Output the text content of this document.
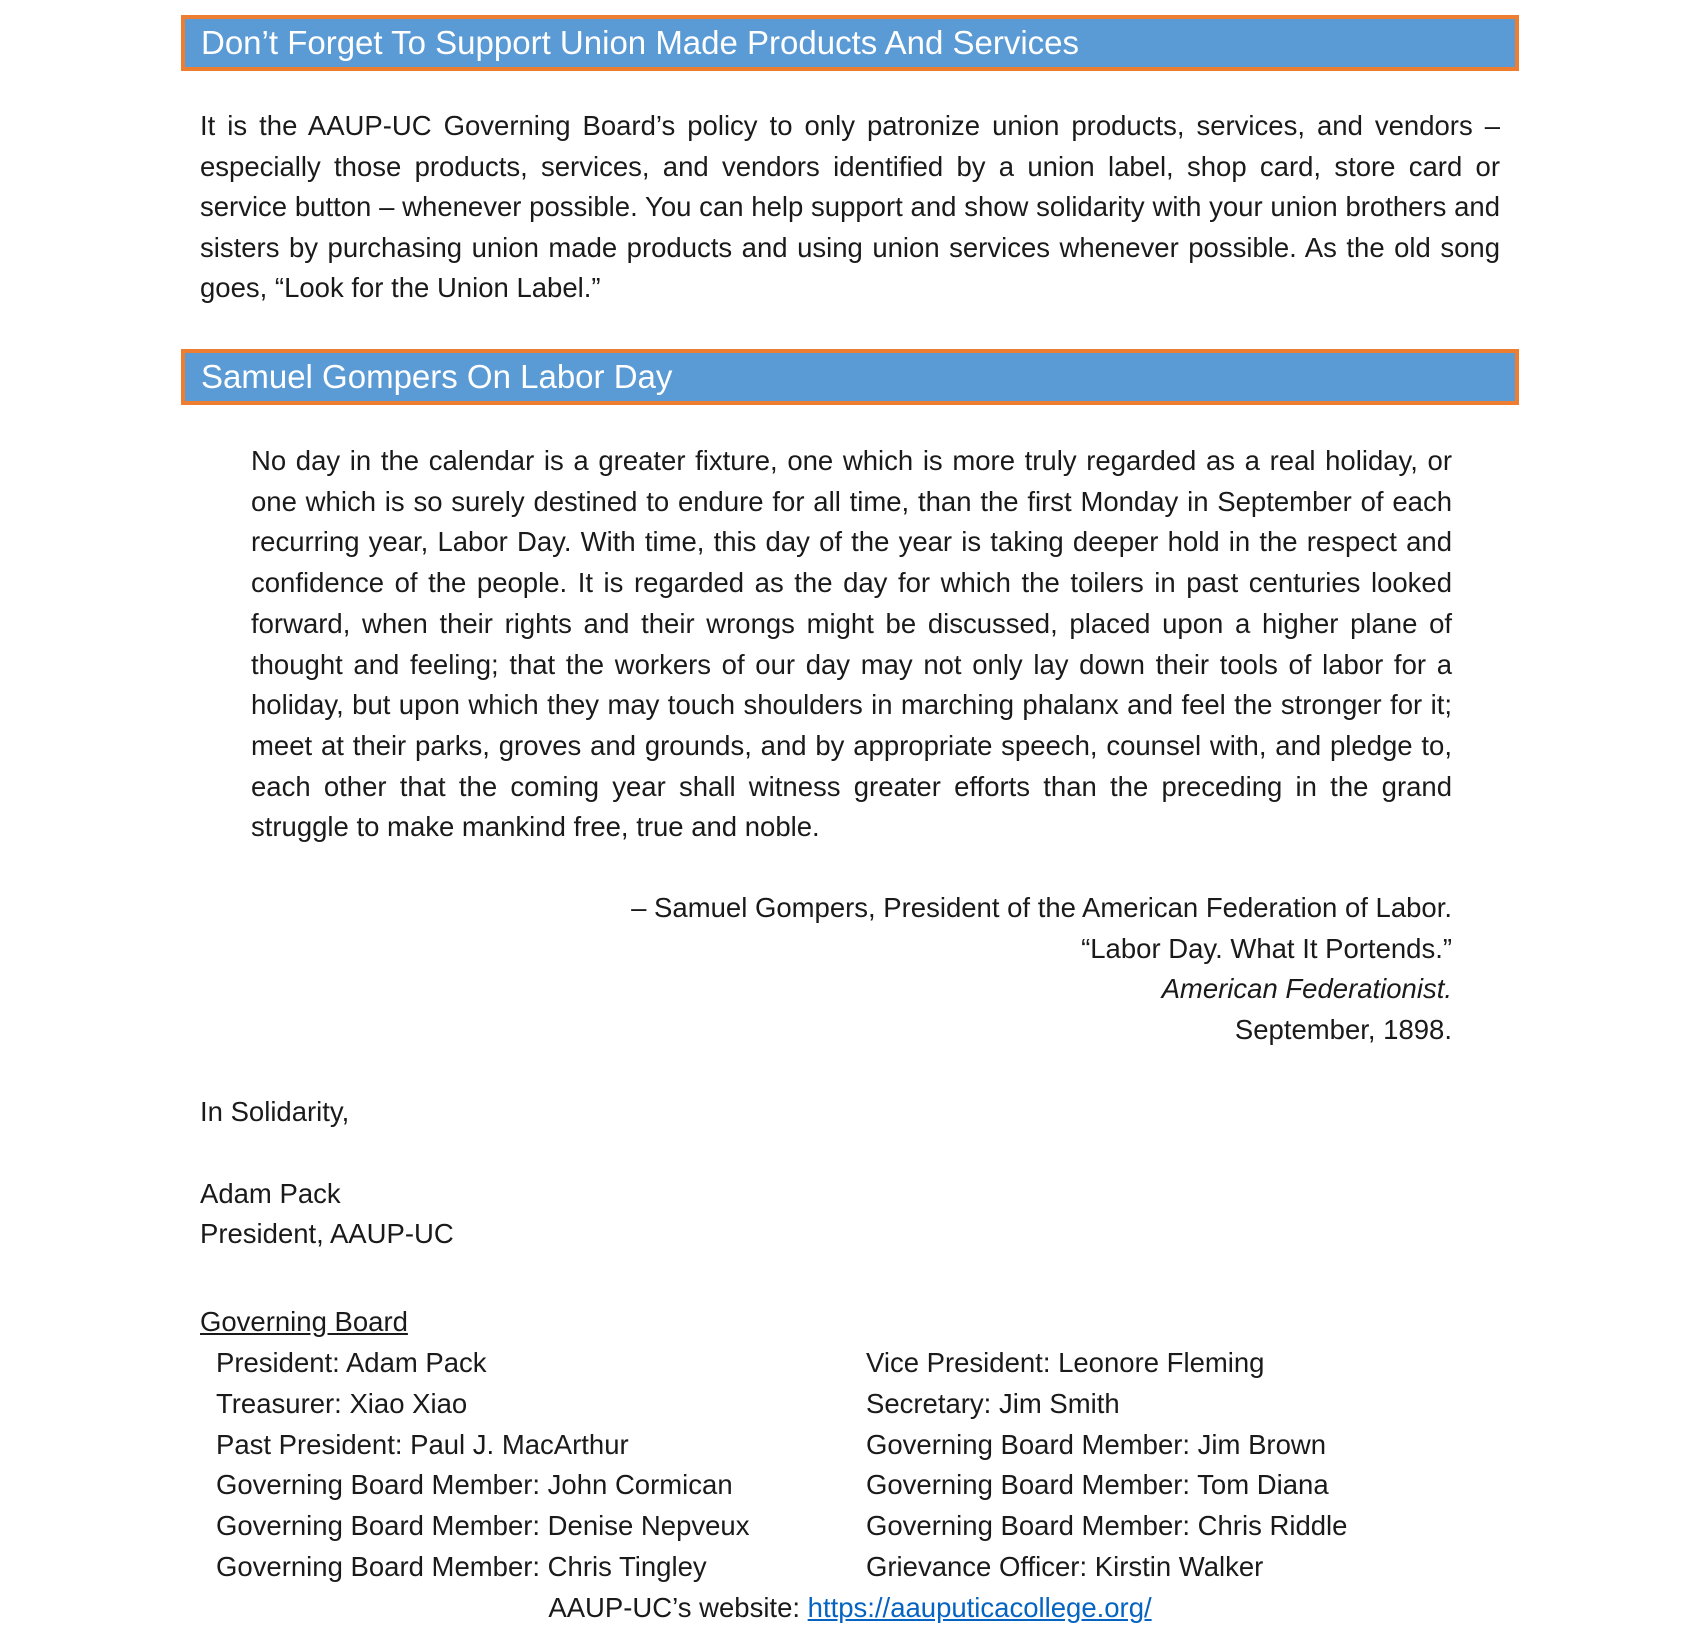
Don’t Forget To Support Union Made Products And Services

It is the AAUP-UC Governing Board’s policy to only patronize union products, services, and vendors – especially those products, services, and vendors identified by a union label, shop card, store card or service button – whenever possible. You can help support and show solidarity with your union brothers and sisters by purchasing union made products and using union services whenever possible. As the old song goes, “Look for the Union Label.”

Samuel Gompers On Labor Day

No day in the calendar is a greater fixture, one which is more truly regarded as a real holiday, or one which is so surely destined to endure for all time, than the first Monday in September of each recurring year, Labor Day. With time, this day of the year is taking deeper hold in the respect and confidence of the people. It is regarded as the day for which the toilers in past centuries looked forward, when their rights and their wrongs might be discussed, placed upon a higher plane of thought and feeling; that the workers of our day may not only lay down their tools of labor for a holiday, but upon which they may touch shoulders in marching phalanx and feel the stronger for it; meet at their parks, groves and grounds, and by appropriate speech, counsel with, and pledge to, each other that the coming year shall witness greater efforts than the preceding in the grand struggle to make mankind free, true and noble.

– Samuel Gompers, President of the American Federation of Labor.
“Labor Day. What It Portends.”
American Federationist.
September, 1898.

In Solidarity,

Adam Pack

President, AAUP-UC

Governing Board

President: Adam Pack
Treasurer: Xiao Xiao
Past President: Paul J. MacArthur
Governing Board Member: John Cormican
Governing Board Member: Denise Nepveux
Governing Board Member: Chris Tingley
Vice President: Leonore Fleming
Secretary: Jim Smith
Governing Board Member: Jim Brown
Governing Board Member: Tom Diana
Governing Board Member: Chris Riddle
Grievance Officer: Kirstin Walker

AAUP-UC’s website: https://aauputicacollege.org/
